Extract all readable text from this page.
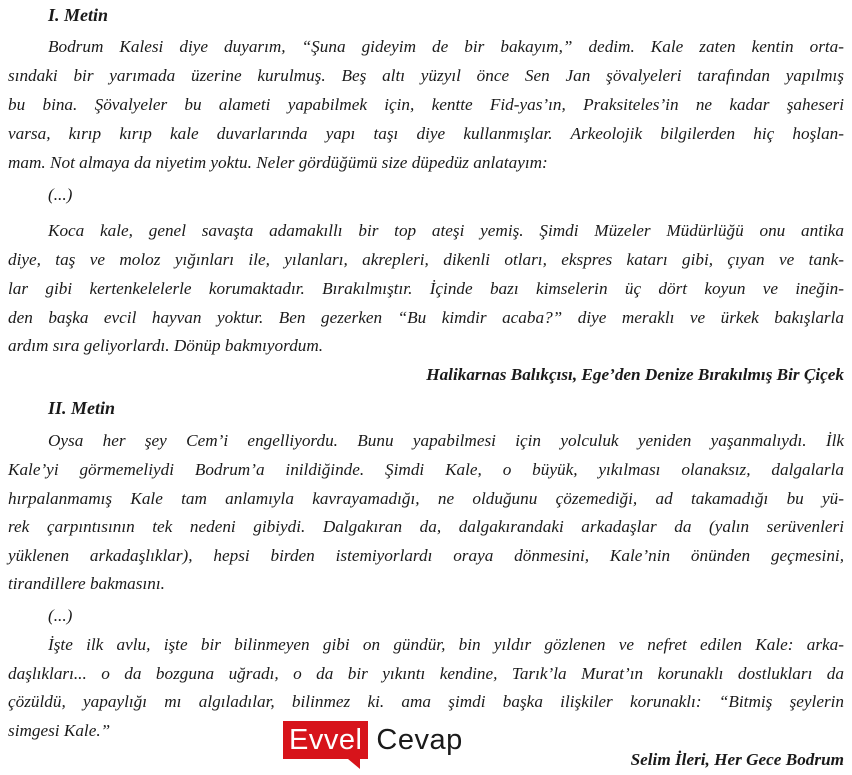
I. Metin
Bodrum Kalesi diye duyarım, “Şuna gideyim de bir bakayım,” dedim. Kale zaten kentin orta-
sındaki bir yarımada üzerine kurulmuş. Beş altı yüzyıl önce Sen Jan şövalyeleri tarafından yapılmış
bu bina. Şövalyeler bu alameti yapabilmek için, kentte Fid-yas’ın, Praksiteles’in ne kadar şaheseri
varsa, kırıp kırıp kale duvarlarında yapı taşı diye kullanmışlar. Arkeolojik bilgilerden hiç hoşlan-
mam. Not almaya da niyetim yoktu. Neler gördüğümü size düpedüz anlatayım:
(...)
Koca kale, genel savaşta adamakıllı bir top ateşi yemiş. Şimdi Müzeler Müdürlüğü onu antika
diye, taş ve moloz yığınları ile, yılanları, akrepleri, dikenli otları, ekspres katarı gibi, çıyan ve tank-
lar gibi kertenkelelerle korumaktadır. Bırakılmıştır. İçinde bazı kimselerin üç dört koyun ve ineğin-
den başka evcil hayvan yoktur. Ben gezerken “Bu kimdir acaba?” diye meraklı ve ürkek bakışlarla
ardım sıra geliyorlardı. Dönüp bakmıyordum.
Halikarnas Balıkçısı, Ege’den Denize Bırakılmış Bir Çiçek
II. Metin
Oysa her şey Cem’i engelliyordu. Bunu yapabilmesi için yolculuk yeniden yaşanmalıydı. İlk
Kale’yi görmemeliydi Bodrum’a inildiğinde. Şimdi Kale, o büyük, yıkılması olanaksız, dalgalarla
hırpalanmamış Kale tam anlamıyla kavrayamadığı, ne olduğunu çözemediği, ad takamadığı bu yü-
rek çarpıntısının tek nedeni gibiydi. Dalgakıran da, dalgakırandaki arkadaşlar da (yalın serüvenleri
yüklenen arkadaşlıklar), hepsi birden istemiyorlardı oraya dönmesini, Kale’nin önünden geçmesini,
tirandillere bakmasını.
(...)
İşte ilk avlu, işte bir bilinmeyen gibi on gündür, bin yıldır gözlenen ve nefret edilen Kale: arka-
daşlıkları... o da bozguna uğradı, o da bir yıkıntı kendine, Tarık’la Murat’ın korunaklı dostlukları da
çözüldü, yapaylığı mı algıladılar, bilinmez ki. ama şimdi başka ilişkiler korunaklı: “Bitmiş şeylerin
simgesi Kale.”
Selim İleri, Her Gece Bodrum
Evvel Cevap
